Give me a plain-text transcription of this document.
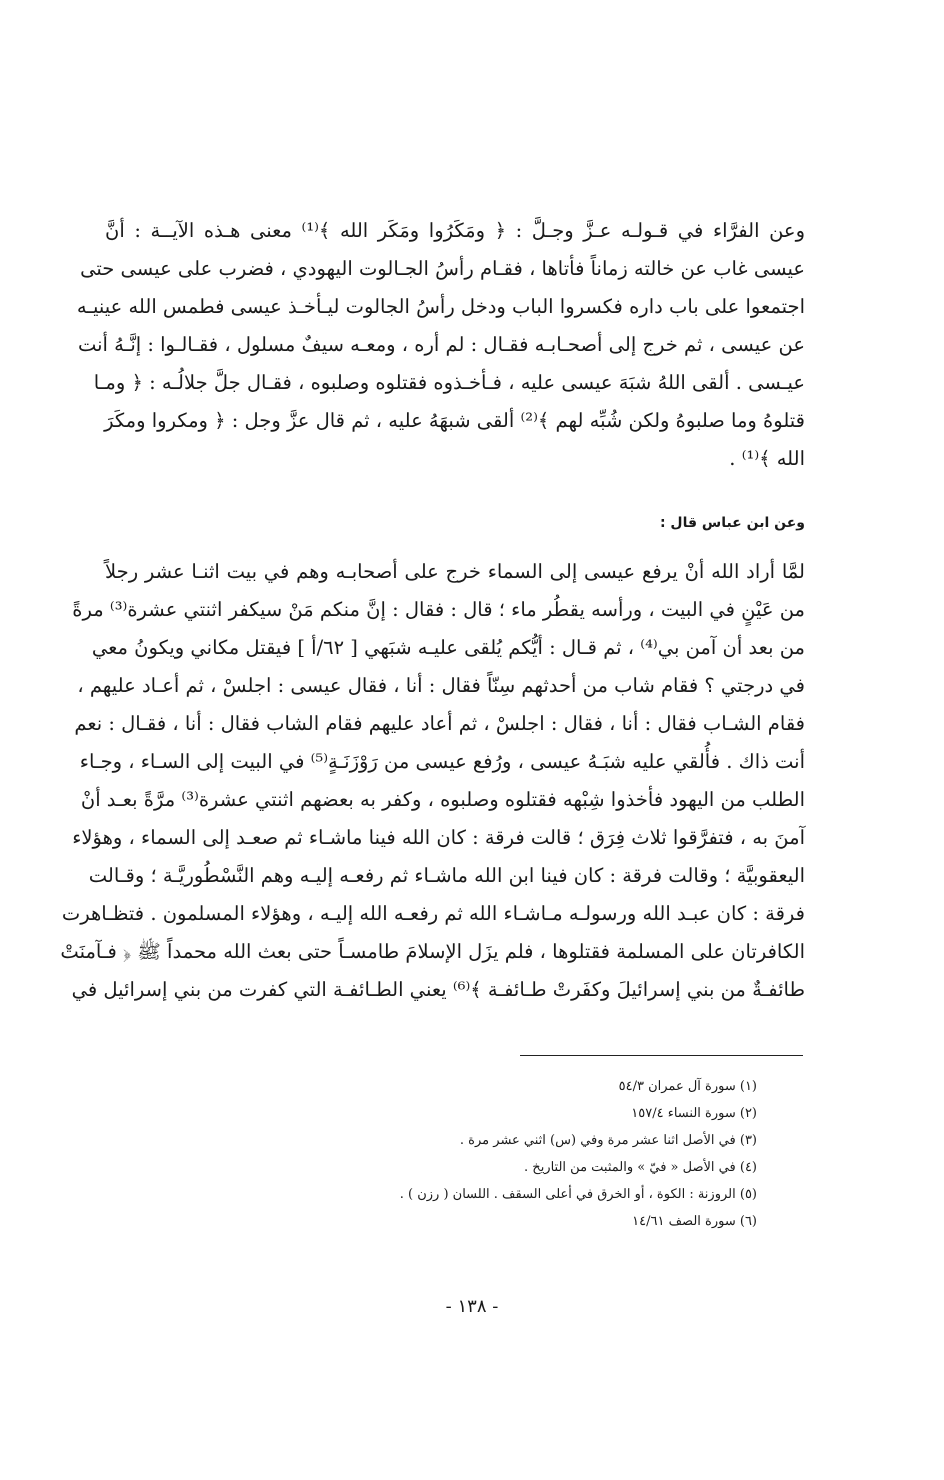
وعن الفرَّاء في قـولـه عـزَّ وجـلَّ : ﴿ ومَكَرُوا ومَكَر الله ﴾⁽¹⁾ معنى هـذه الآيــة : أنَّ
عيسى غاب عن خالته زماناً فأتاها ، فقـام رأسُ الجـالوت اليهودي ، فضرب على عيسى حتى
اجتمعوا على باب داره فكسروا الباب ودخل رأسُ الجالوت ليـأخـذ عيسى فطمس الله عينيـه
عن عيسى ، ثم خرج إلى أصحـابـه فقـال : لم أره ، ومعـه سيفٌ مسلول ، فقـالـوا : إنَّـهُ أنت
عيـسى . ألقى اللهُ شبَهَ عيسى عليه ، فـأخـذوه فقتلوه وصلبوه ، فقـال جلَّ جلالُـه : ﴿ ومـا
قتلوهُ وما صلبوهُ ولكن شُبِّه لهم ﴾⁽²⁾ ألقى شبهَهُ عليه ، ثم قال عزَّ وجل : ﴿ ومكروا ومكَرَ
الله ﴾⁽¹⁾ .
وعن ابن عباس قال :
لمَّا أراد الله أنْ يرفع عيسى إلى السماء خرج على أصحابـه وهم في بيت اثنـا عشر رجلاً
من عَيْنٍ في البيت ، ورأسه يقطُر ماء ؛ قال : فقال : إنَّ منكم مَنْ سيكفر اثنتي عشرة⁽³⁾ مرةً
من بعد أن آمن بي⁽⁴⁾ ، ثم قـال : أيُّكم يُلقى عليـه شبَهي [ ٦٢/أ ] فيقتل مكاني ويكونُ معي
في درجتي ؟ فقام شاب من أحدثهم سِنّاً فقال : أنا ، فقال عيسى : اجلسْ ، ثم أعـاد عليهم ،
فقام الشـاب فقال : أنا ، فقال : اجلسْ ، ثم أعاد عليهم فقام الشاب فقال : أنا ، فقـال : نعم
أنت ذاك . فأُلقي عليه شبَـهُ عيسى ، ورُفع عيسى من رَوْزَنَـةٍ⁽⁵⁾ في البيت إلى السـاء ، وجـاء
الطلب من اليهود فأخذوا شِبْهه فقتلوه وصلبوه ، وكفر به بعضهم اثنتي عشرة⁽³⁾ مرَّةً بعـد أنْ
آمنَ به ، فتفرَّقوا ثلاث فِرَق ؛ قالت فرقة : كان الله فينا ماشـاء ثم صعـد إلى السماء ، وهؤلاء
اليعقوبيَّة ؛ وقالت فرقة : كان فينا ابن الله ماشـاء ثم رفعـه إليـه وهم النَّسْطُوريَّـة ؛ وقـالت
فرقة : كان عبـد الله ورسولـه مـاشـاء الله ثم رفعـه الله إليـه ، وهؤلاء المسلمون . فتظـاهرت
الكافرتان على المسلمة فقتلوها ، فلم يزَل الإسلامَ طامسـاً حتى بعث الله محمداً ﷺ ﴿ فـآمنَتْ
طائفـةٌ من بني إسرائيلَ وكفَرتْ طـائفـة ﴾⁽⁶⁾ يعني الطـائفـة التي كفرت من بني إسرائيل في
(١) سورة آل عمران ٥٤/٣
(٢) سورة النساء ١٥٧/٤
(٣) في الأصل اثنا عشر مرة وفي (س) اثني عشر مرة .
(٤) في الأصل « فيّ » والمثبت من التاريخ .
(٥) الروزنة : الكوة ، أو الخرق في أعلى السقف . اللسان ( رزن ) .
(٦) سورة الصف ١٤/٦١
- ١٣٨ -
